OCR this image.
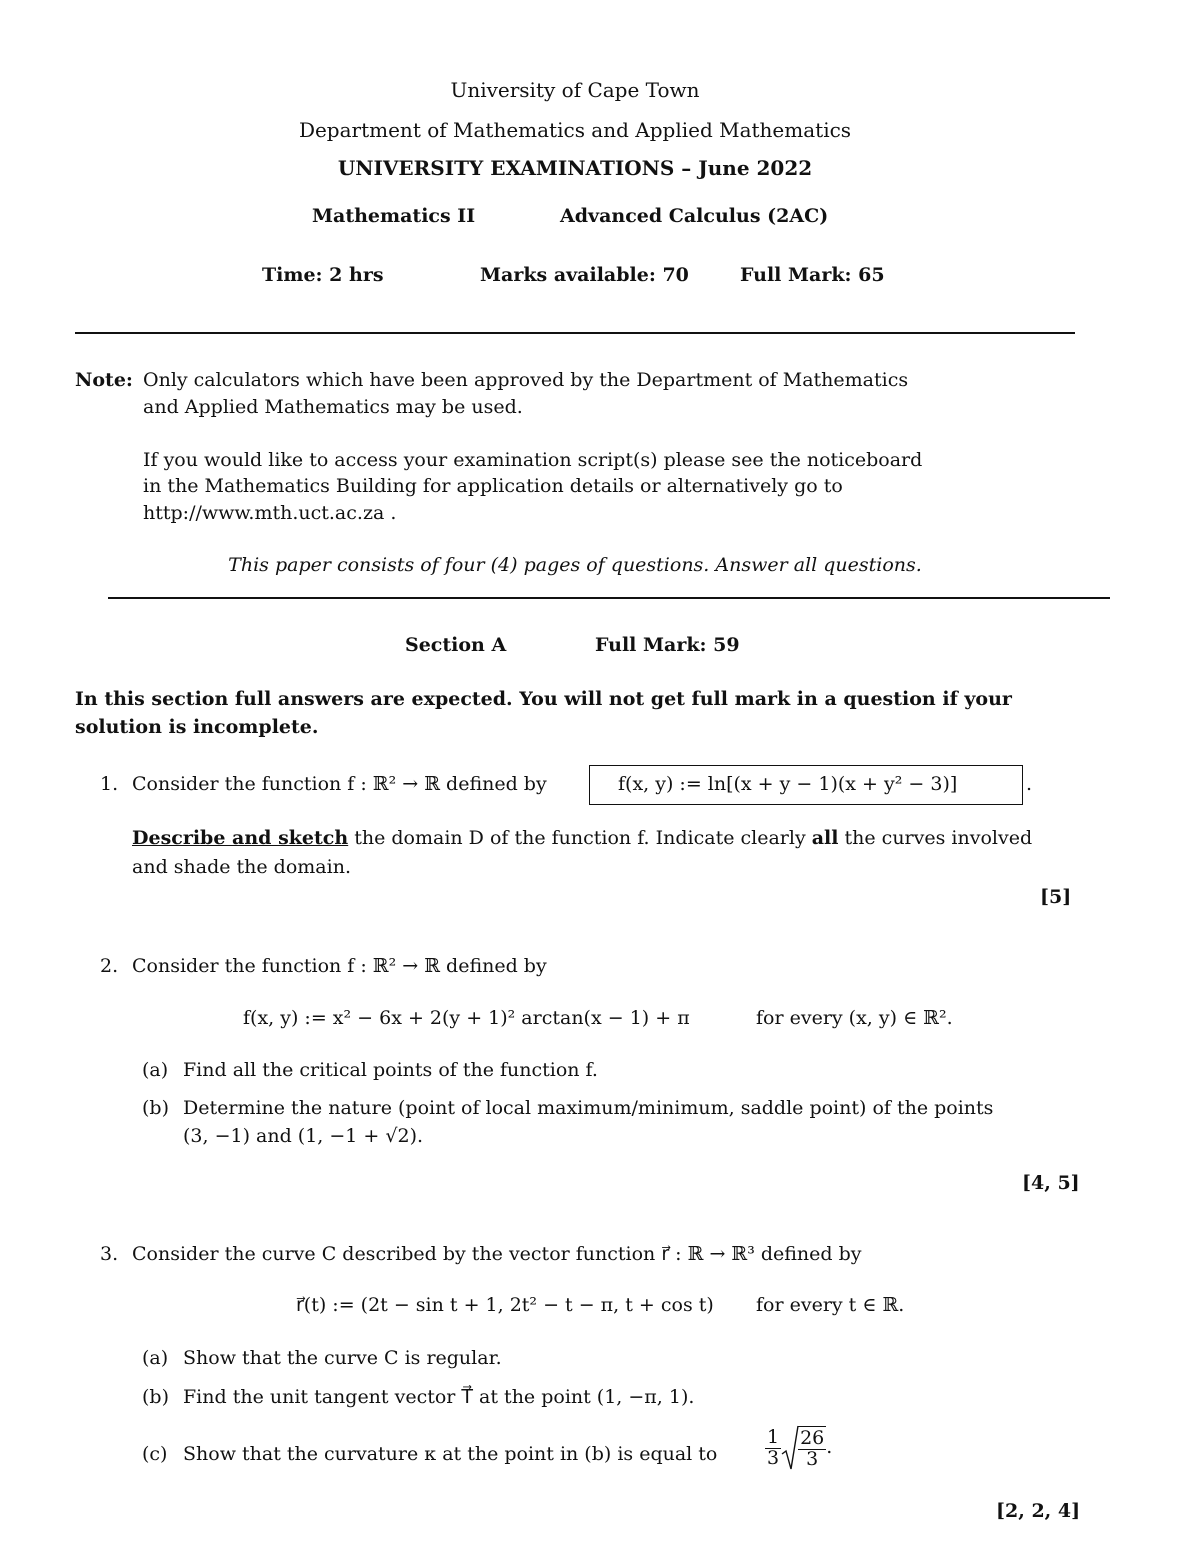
University of Cape Town
Department of Mathematics and Applied Mathematics
UNIVERSITY EXAMINATIONS – June 2022
Mathematics II	Advanced Calculus (2AC)
Time: 2 hrs	Marks available: 70	Full Mark: 65
Note: Only calculators which have been approved by the Department of Mathematics
and Applied Mathematics may be used.
If you would like to access your examination script(s) please see the noticeboard
in the Mathematics Building for application details or alternatively go to
http://www.mth.uct.ac.za .
This paper consists of four (4) pages of questions. Answer all questions.
Section A	Full Mark: 59
In this section full answers are expected. You will not get full mark in a question if your
solution is incomplete.
1. Consider the function f : ℝ² → ℝ defined by	f(x, y) := ln[(x + y − 1)(x + y² − 3)]	.
Describe and sketch the domain D of the function f. Indicate clearly all the curves involved
and shade the domain.
[5]
2. Consider the function f : ℝ² → ℝ defined by
f(x, y) := x² − 6x + 2(y + 1)² arctan(x − 1) + π	for every (x, y) ∈ ℝ².
(a) Find all the critical points of the function f.
(b) Determine the nature (point of local maximum/minimum, saddle point) of the points
(3, −1) and (1, −1 + √2).
[4, 5]
3. Consider the curve C described by the vector function r⃗ : ℝ → ℝ³ defined by
r⃗(t) := (2t − sin t + 1, 2t² − t − π, t + cos t) for every t ∈ ℝ.
(a) Show that the curve C is regular.
(b) Find the unit tangent vector T⃗ at the point (1, −π, 1).
(c) Show that the curvature κ at the point in (b) is equal to	$\frac{1}{3} \frac{26}{3}$ .
[2, 2, 4]
